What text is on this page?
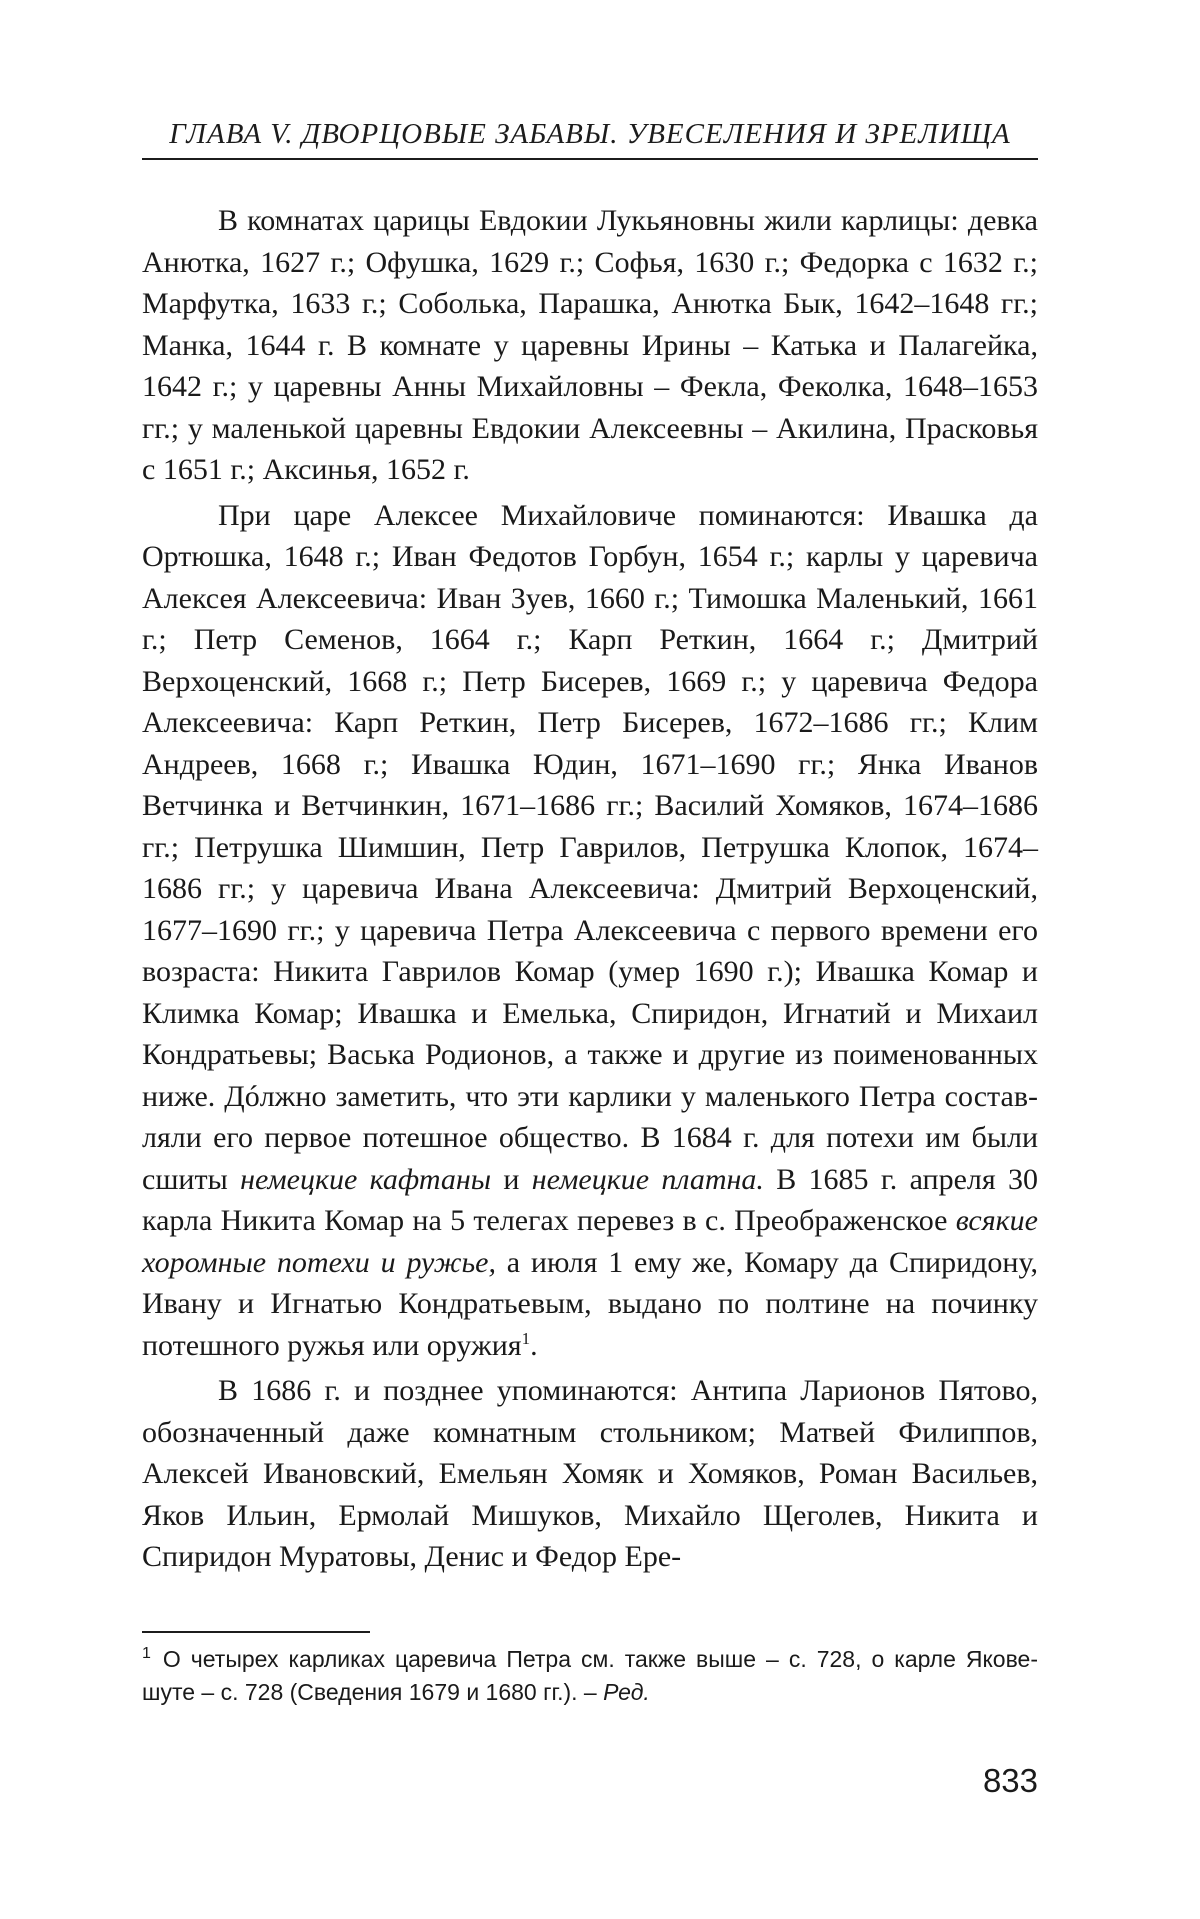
ГЛАВА V. ДВОРЦОВЫЕ ЗАБАВЫ. УВЕСЕЛЕНИЯ И ЗРЕЛИЩА

В комнатах царицы Евдокии Лукьяновны жили карлицы: девка Анютка, 1627 г.; Офушка, 1629 г.; Софья, 1630 г.; Федорка с 1632 г.; Марфутка, 1633 г.; Соболька, Парашка, Анютка Бык, 1642–1648 гг.; Манка, 1644 г. В комнате у царевны Ирины – Катька и Палагейка, 1642 г.; у царевны Анны Михайловны – Фекла, Феколка, 1648–1653 гг.; у маленькой царевны Евдокии Алексеевны – Акилина, Прасковья с 1651 г.; Аксинья, 1652 г.

При царе Алексее Михайловиче поминаются: Ивашка да Ортюшка, 1648 г.; Иван Федотов Горбун, 1654 г.; карлы у царевича Алексея Алексеевича: Иван Зуев, 1660 г.; Тимошка Маленький, 1661 г.; Петр Семенов, 1664 г.; Карп Реткин, 1664 г.; Дмитрий Верхоценский, 1668 г.; Петр Бисерев, 1669 г.; у царевича Федора Алексеевича: Карп Реткин, Петр Бисерев, 1672–1686 гг.; Клим Андреев, 1668 г.; Ивашка Юдин, 1671–1690 гг.; Янка Иванов Ветчинка и Ветчинкин, 1671–1686 гг.; Василий Хомяков, 1674–1686 гг.; Петрушка Шимшин, Петр Гаврилов, Петрушка Клопок, 1674–1686 гг.; у царевича Ивана Алексеевича: Дмитрий Верхоценский, 1677–1690 гг.; у царевича Петра Алексеевича с первого времени его возраста: Никита Гаврилов Комар (умер 1690 г.); Ивашка Комар и Климка Комар; Ивашка и Емелька, Спиридон, Игнатий и Михаил Кондратьевы; Васька Родионов, а также и другие из поименованных ниже. Дóлжно заметить, что эти карлики у маленького Петра составляли его первое потешное общество. В 1684 г. для потехи им были сшиты немецкие кафтаны и немецкие платна. В 1685 г. апреля 30 карла Никита Комар на 5 телегах перевез в с. Преображенское всякие хоромные потехи и ружье, а июля 1 ему же, Комару да Спиридону, Ивану и Игнатью Кондратьевым, выдано по полтине на починку потешного ружья или оружия$^1$.

В 1686 г. и позднее упоминаются: Антипа Ларионов Пятово, обозначенный даже комнатным стольником; Матвей Филиппов, Алексей Ивановский, Емельян Хомяк и Хомяков, Роман Васильев, Яков Ильин, Ермолай Мишуков, Михайло Щеголев, Никита и Спиридон Муратовы, Денис и Федор Ере-

$^1$ О четырех карликах царевича Петра см. также выше – с. 728, о карле Якове-шуте – с. 728 (Сведения 1679 и 1680 гг.). – Ред.
833
